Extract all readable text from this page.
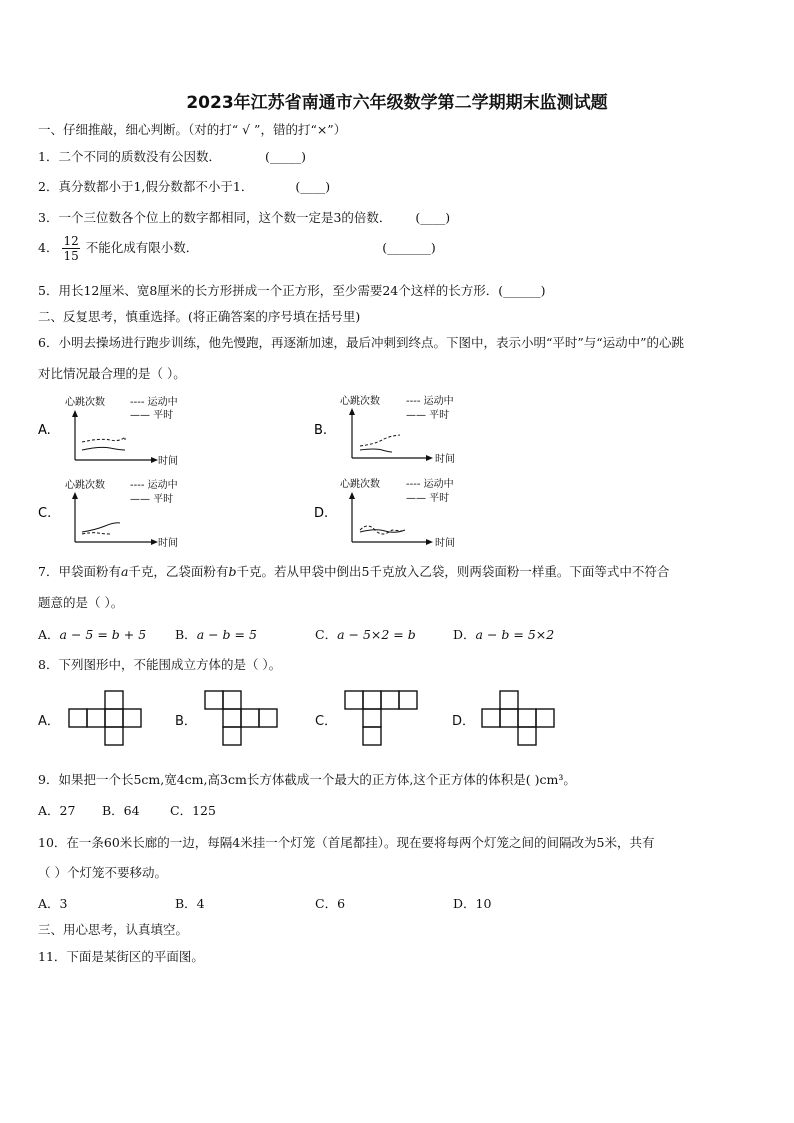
2023年江苏省南通市六年级数学第二学期期末监测试题
一、仔细推敲，细心判断。（对的打“ √ ”，错的打“×”）
1．二个不同的质数没有公因数．	(_____)
2．真分数都小于1,假分数都不小于1．	(____)
3．一个三位数各个位上的数字都相同，这个数一定是3的倍数． (____)
4． $\frac{12}{15}$ 不能化成有限小数．	(_______)
5．用长12厘米、宽8厘米的长方形拼成一个正方形，至少需要24个这样的长方形．(______)
二、反复思考，慎重选择。(将正确答案的序号填在括号里)
6．小明去操场进行跑步训练，他先慢跑，再逐渐加速，最后冲刺到终点。下图中，表示小明“平时”与“运动中”的心跳
对比情况最合理的是（ ）。
A.
心跳次数	---- 运动中
—— 平时
时间
B.
心跳次数	---- 运动中
—— 平时
时间
C.
心跳次数	---- 运动中
—— 平时
时间
D.
心跳次数	---- 运动中
—— 平时
时间
7．甲袋面粉有a千克，乙袋面粉有b千克。若从甲袋中倒出5千克放入乙袋，则两袋面粉一样重。下面等式中不符合
题意的是（ ）。
A．a − 5 = b + 5 B．a − b = 5	C．a − 5×2 = b	D．a − b = 5×2
8．下列图形中，不能围成立方体的是（ ）。
A．	B．	C．	D．
9．如果把一个长5cm,宽4cm,高3cm长方体截成一个最大的正方体,这个正方体的体积是( )cm³。
A．27 B．64 C．125
10．在一条60米长廊的一边，每隔4米挂一个灯笼（首尾都挂）。现在要将每两个灯笼之间的间隔改为5米，共有
（ ）个灯笼不要移动。
A．3	B．4	C．6	D．10
三、用心思考，认真填空。
11．下面是某街区的平面图。
